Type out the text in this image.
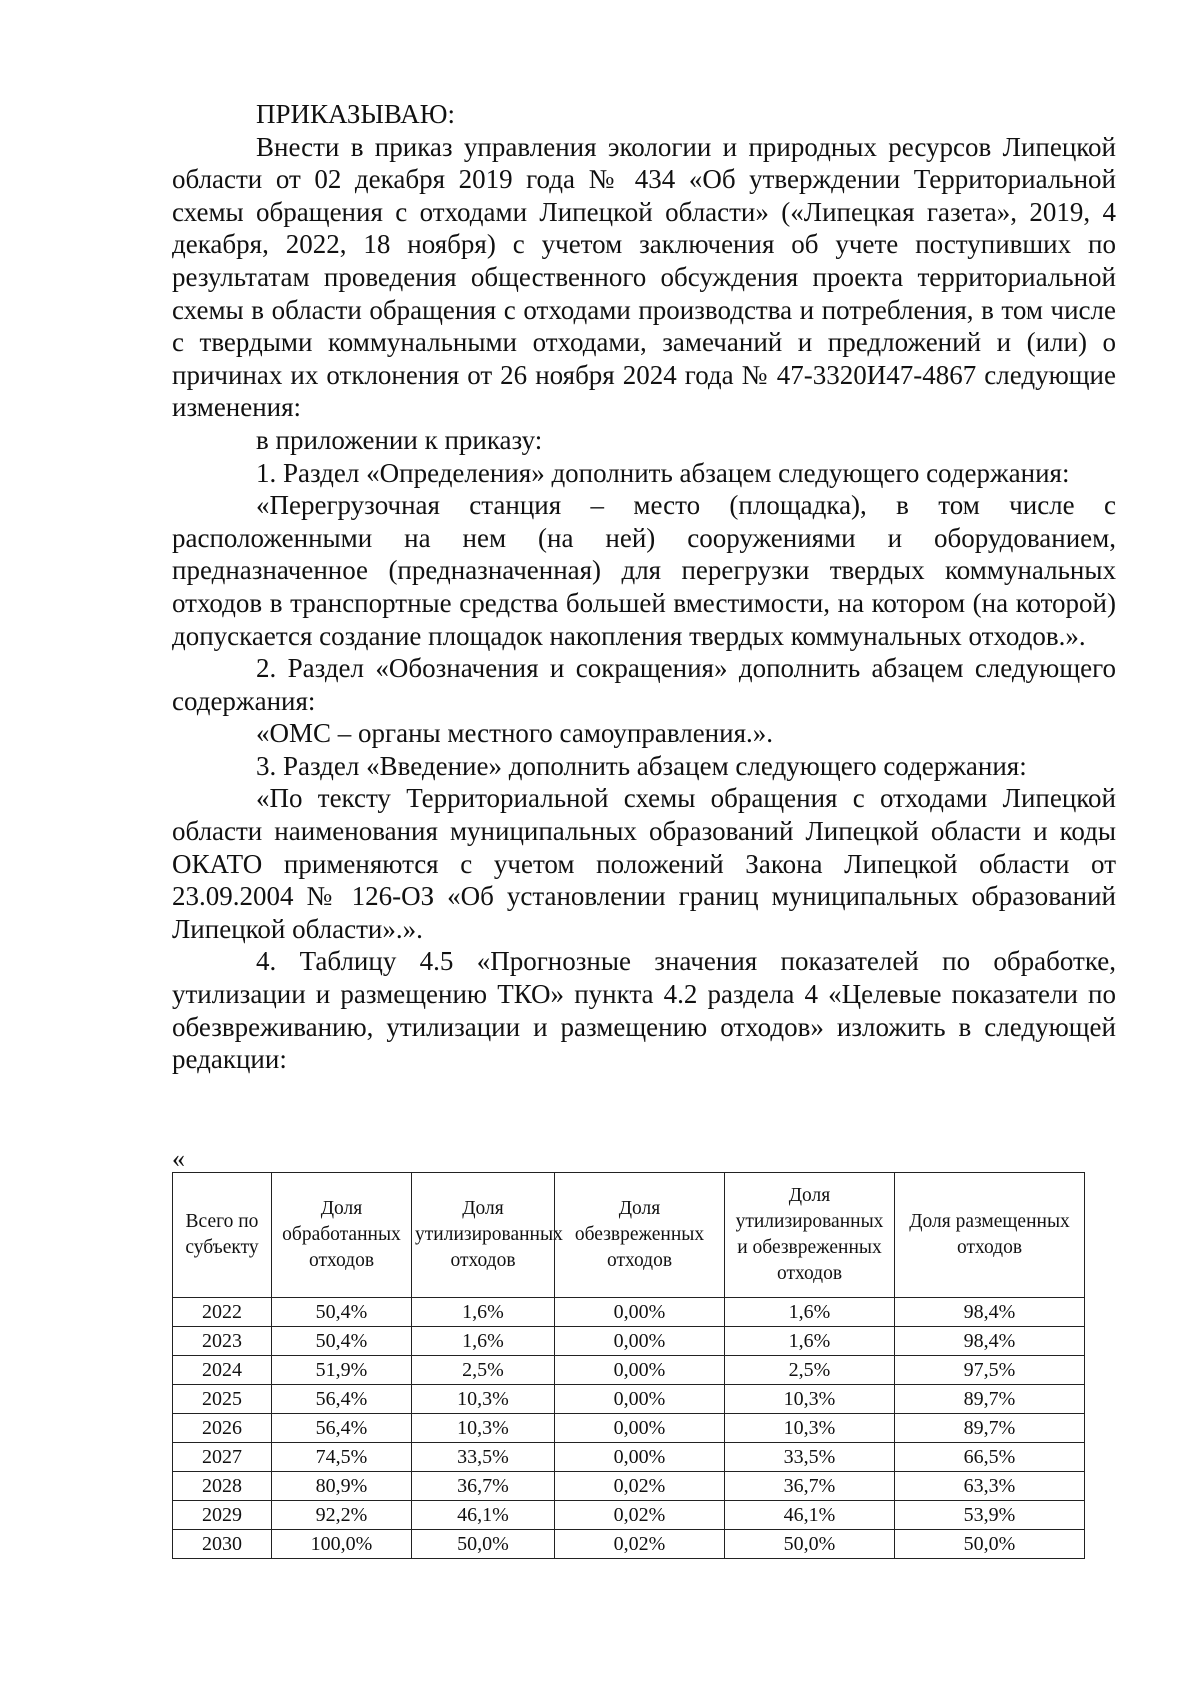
ПРИКАЗЫВАЮ:

Внести в приказ управления экологии и природных ресурсов Липецкой области от 02 декабря 2019 года № 434 «Об утверждении Территориальной схемы обращения с отходами Липецкой области» («Липецкая газета», 2019, 4 декабря, 2022, 18 ноября) с учетом заключения об учете поступивших по результатам проведения общественного обсуждения проекта территориальной схемы в области обращения с отходами производства и потребления, в том числе с твердыми коммунальными отходами, замечаний и предложений и (или) о причинах их отклонения от 26 ноября 2024 года № 47-3320И47-4867 следующие изменения:

в приложении к приказу:

1. Раздел «Определения» дополнить абзацем следующего содержания:

«Перегрузочная станция – место (площадка), в том числе с расположенными на нем (на ней) сооружениями и оборудованием, предназначенное (предназначенная) для перегрузки твердых коммунальных отходов в транспортные средства большей вместимости, на котором (на которой) допускается создание площадок накопления твердых коммунальных отходов.».

2. Раздел «Обозначения и сокращения» дополнить абзацем следующего содержания:

«ОМС – органы местного самоуправления.».

3. Раздел «Введение» дополнить абзацем следующего содержания:

«По тексту Территориальной схемы обращения с отходами Липецкой области наименования муниципальных образований Липецкой области и коды ОКАТО применяются с учетом положений Закона Липецкой области от 23.09.2004 № 126-ОЗ «Об установлении границ муниципальных образований Липецкой области».».

4. Таблицу 4.5 «Прогнозные значения показателей по обработке, утилизации и размещению ТКО» пункта 4.2 раздела 4 «Целевые показатели по обезвреживанию, утилизации и размещению отходов» изложить в следующей редакции:

«
Всего по субъекту	Доля обработанных отходов	Доля утилизированных отходов	Доля обезвреженных отходов	Доля утилизированных и обезвреженных отходов	Доля размещенных отходов

2022	50,4%	1,6%	0,00%	1,6%	98,4%
2023	50,4%	1,6%	0,00%	1,6%	98,4%
2024	51,9%	2,5%	0,00%	2,5%	97,5%
2025	56,4%	10,3%	0,00%	10,3%	89,7%
2026	56,4%	10,3%	0,00%	10,3%	89,7%
2027	74,5%	33,5%	0,00%	33,5%	66,5%
2028	80,9%	36,7%	0,02%	36,7%	63,3%
2029	92,2%	46,1%	0,02%	46,1%	53,9%
2030	100,0%	50,0%	0,02%	50,0%	50,0%
